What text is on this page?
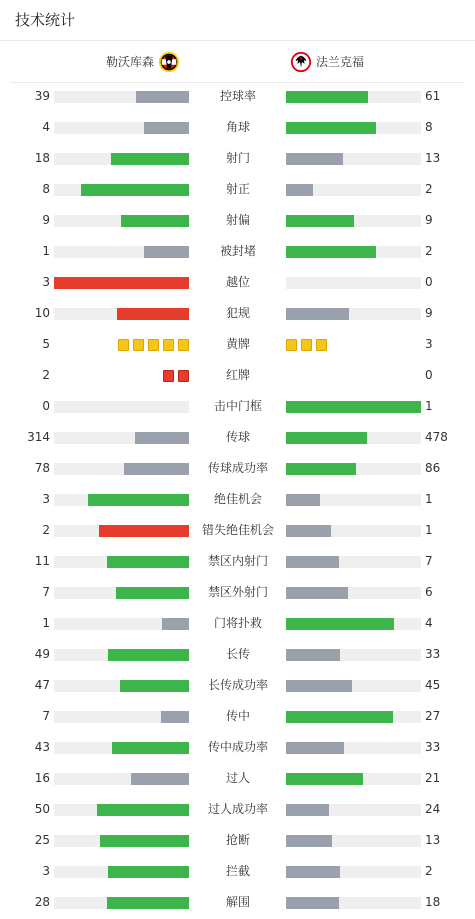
技术统计
勒沃库森	法兰克福
39	控球率	61
4	角球	8
18	射门	13
8	射正	2
9	射偏	9
1	被封堵	2
3	越位	0
10	犯规	9
5	黄牌	3
2	红牌	0
0	击中门框	1
314	传球	478
78	传球成功率	86
3	绝佳机会	1
2	错失绝佳机会	1
11	禁区内射门	7
7	禁区外射门	6
1	门将扑救	4
49	长传	33
47	长传成功率	45
7	传中	27
43	传中成功率	33
16	过人	21
50	过人成功率	24
25	抢断	13
3	拦截	2
28	解围	18
